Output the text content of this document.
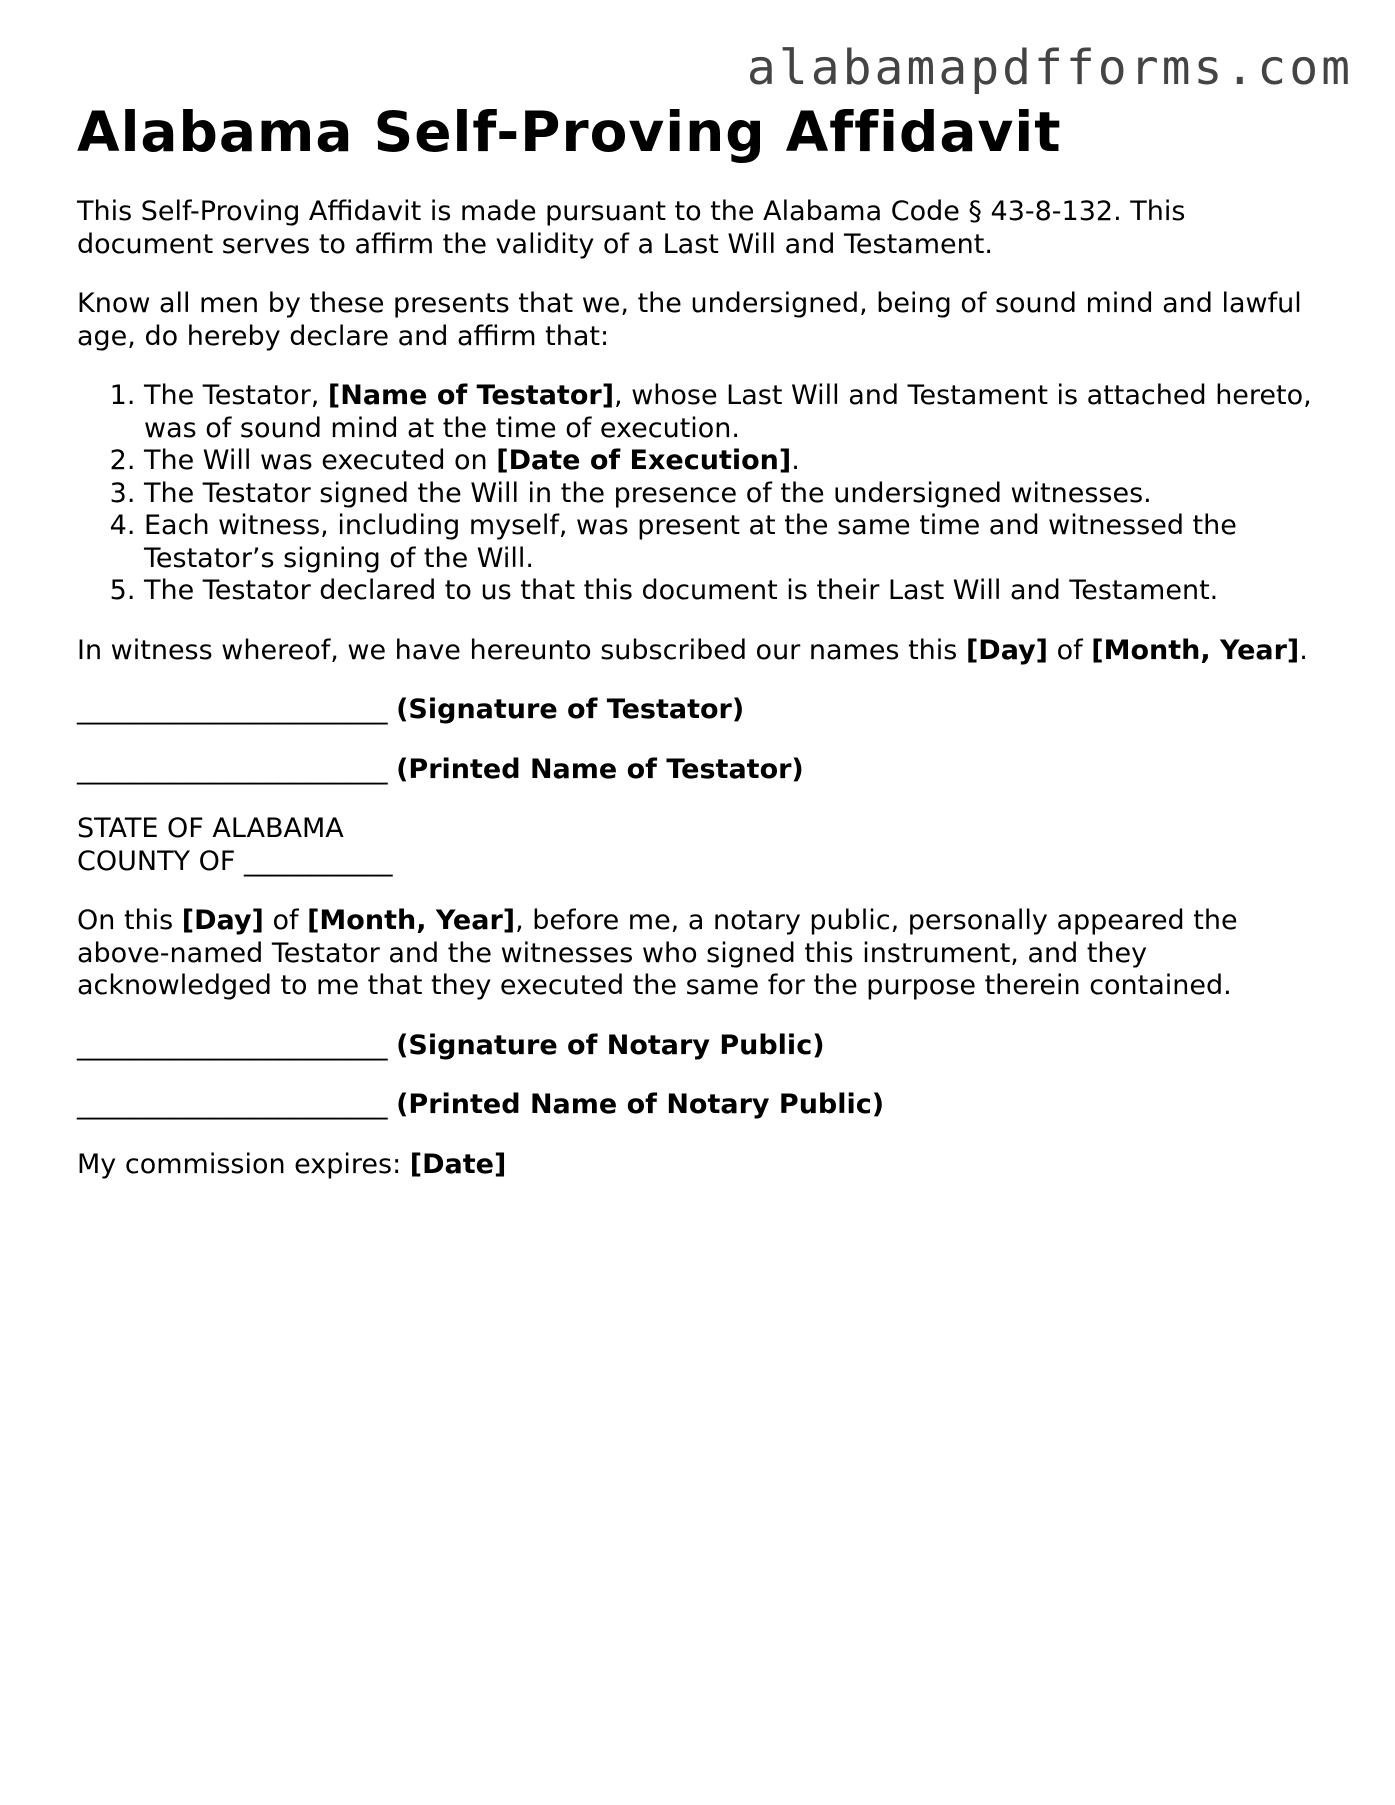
alabamapdfforms.com
Alabama Self-Proving Affidavit

This Self-Proving Affidavit is made pursuant to the Alabama Code § 43-8-132. This document serves to affirm the validity of a Last Will and Testament.

Know all men by these presents that we, the undersigned, being of sound mind and lawful age, do hereby declare and affirm that:

1. The Testator, [Name of Testator], whose Last Will and Testament is attached hereto, was of sound mind at the time of execution.
2. The Will was executed on [Date of Execution].
3. The Testator signed the Will in the presence of the undersigned witnesses.
4. Each witness, including myself, was present at the same time and witnessed the Testator’s signing of the Will.
5. The Testator declared to us that this document is their Last Will and Testament.

In witness whereof, we have hereunto subscribed our names this [Day] of [Month, Year].

_______________________ (Signature of Testator)

_______________________ (Printed Name of Testator)

STATE OF ALABAMA

COUNTY OF ___________

On this [Day] of [Month, Year], before me, a notary public, personally appeared the above-named Testator and the witnesses who signed this instrument, and they acknowledged to me that they executed the same for the purpose therein contained.

_______________________ (Signature of Notary Public)

_______________________ (Printed Name of Notary Public)

My commission expires: [Date]
